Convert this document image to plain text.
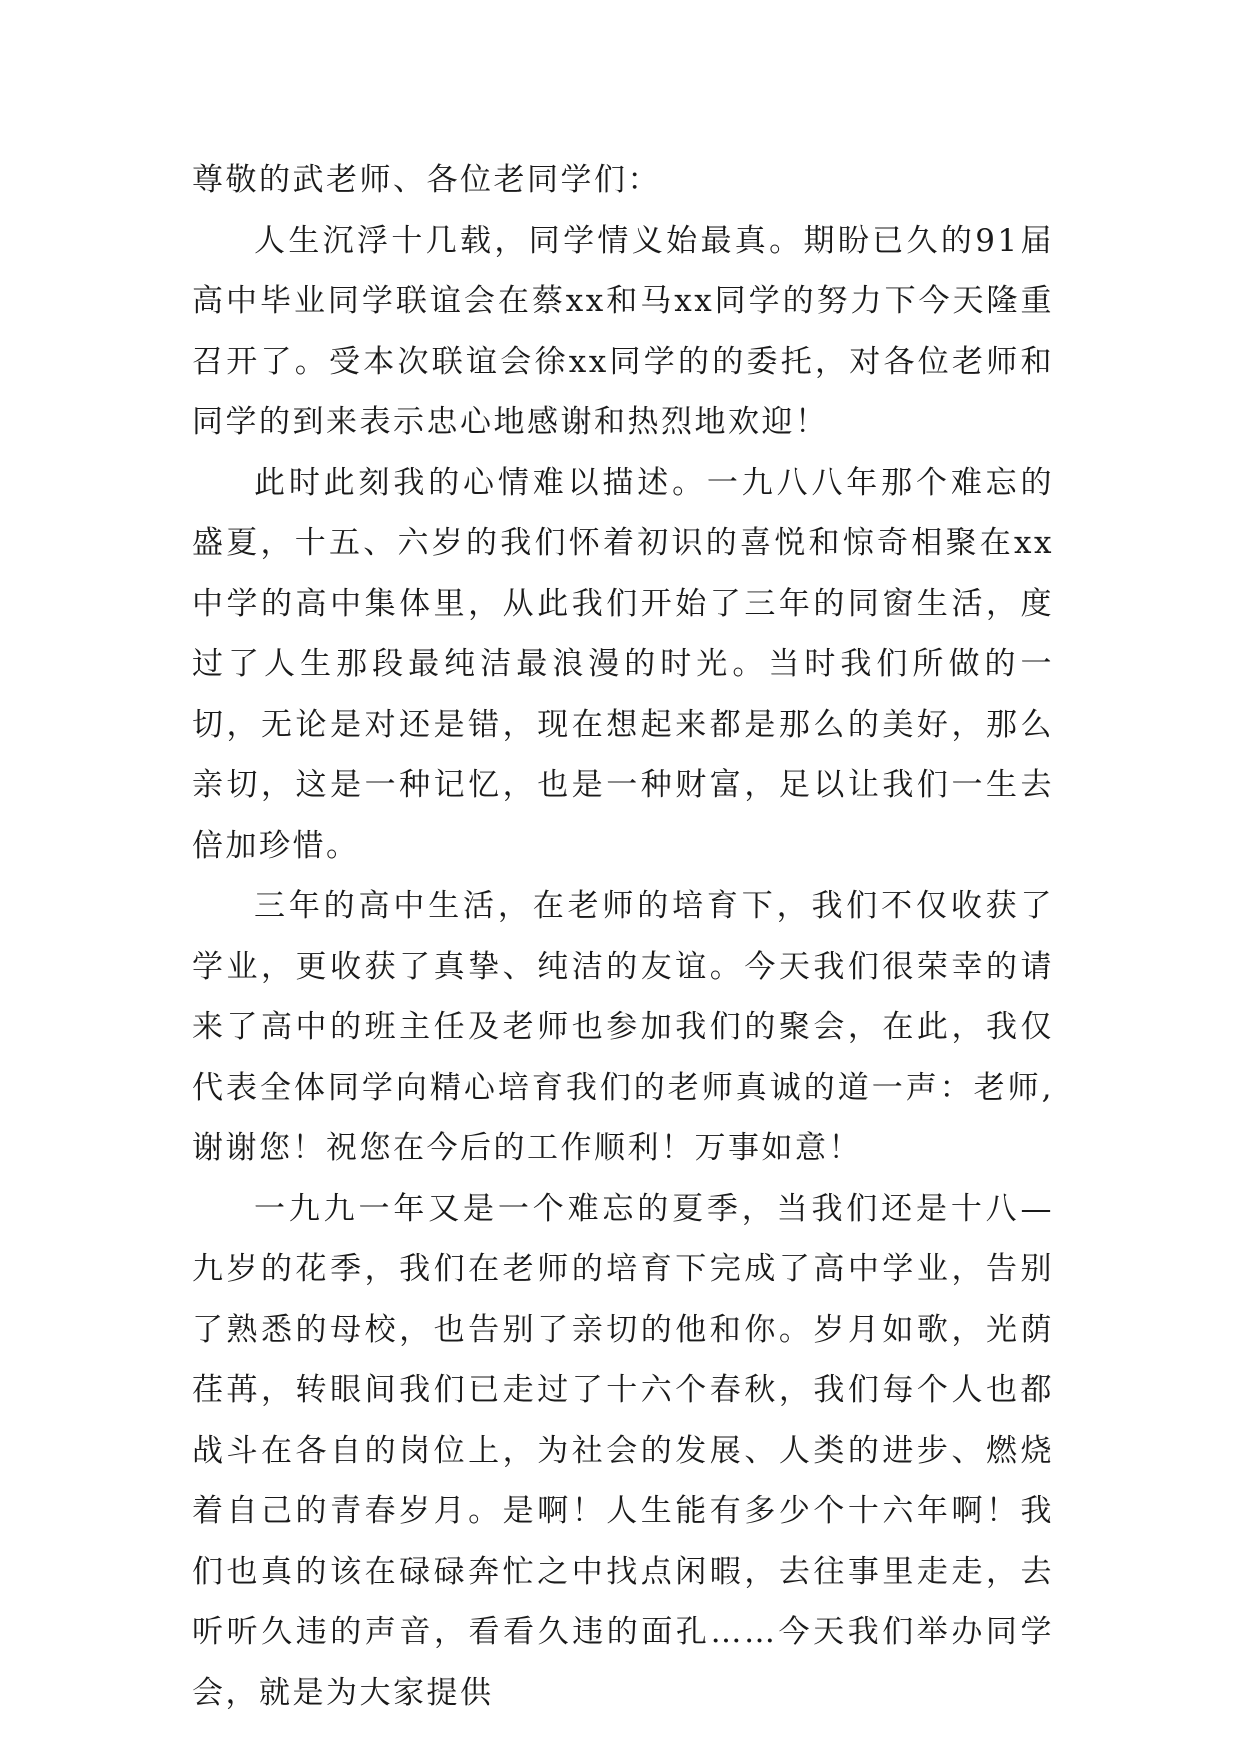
尊敬的武老师、各位老同学们：

人生沉浮十几载，同学情义始最真。期盼已久的91届高中毕业同学联谊会在蔡xx和马xx同学的努力下今天隆重召开了。受本次联谊会徐xx同学的的委托，对各位老师和同学的到来表示忠心地感谢和热烈地欢迎！

此时此刻我的心情难以描述。一九八八年那个难忘的盛夏，十五、六岁的我们怀着初识的喜悦和惊奇相聚在xx中学的高中集体里，从此我们开始了三年的同窗生活，度过了人生那段最纯洁最浪漫的时光。当时我们所做的一切，无论是对还是错，现在想起来都是那么的美好，那么亲切，这是一种记忆，也是一种财富，足以让我们一生去倍加珍惜。

三年的高中生活，在老师的培育下，我们不仅收获了学业，更收获了真挚、纯洁的友谊。今天我们很荣幸的请来了高中的班主任及老师也参加我们的聚会，在此，我仅代表全体同学向精心培育我们的老师真诚的道一声：老师,谢谢您！祝您在今后的工作顺利！万事如意！

一九九一年又是一个难忘的夏季，当我们还是十八—九岁的花季，我们在老师的培育下完成了高中学业，告别了熟悉的母校，也告别了亲切的他和你。岁月如歌，光荫荏苒，转眼间我们已走过了十六个春秋，我们每个人也都战斗在各自的岗位上，为社会的发展、人类的进步、燃烧着自己的青春岁月。是啊！人生能有多少个十六年啊！我们也真的该在碌碌奔忙之中找点闲暇，去往事里走走，去听听久违的声音，看看久违的面孔……今天我们举办同学会，就是为大家提供
